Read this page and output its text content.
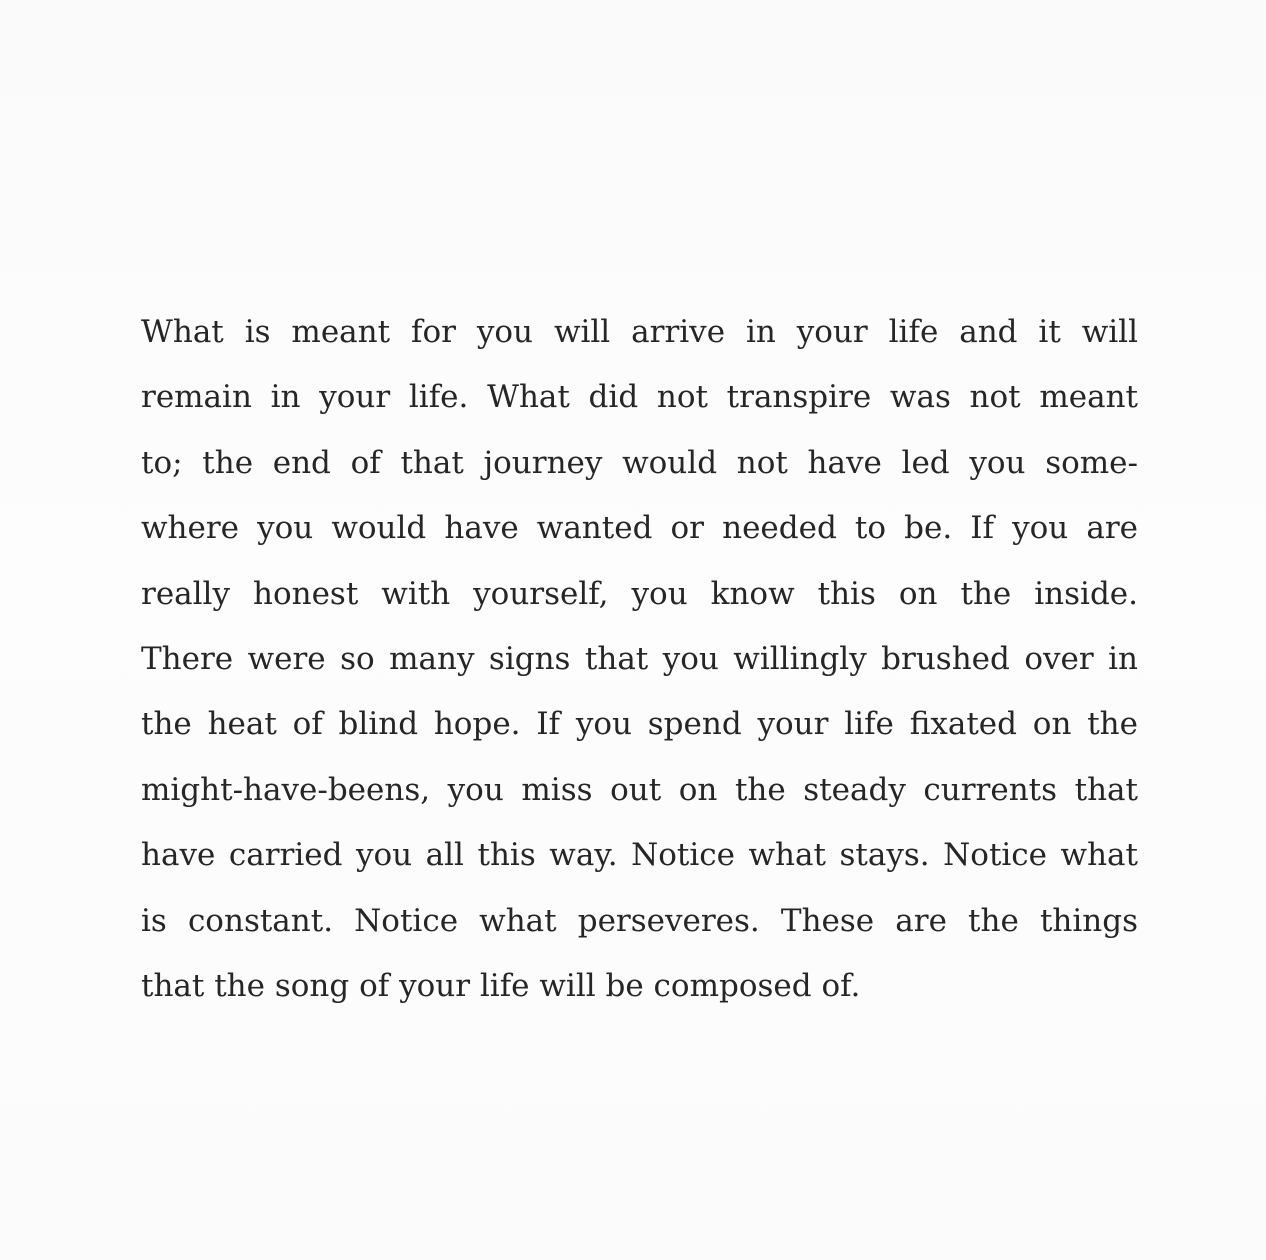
What is meant for you will arrive in your life and it will
remain in your life. What did not transpire was not meant
to; the end of that journey would not have led you some-
where you would have wanted or needed to be. If you are
really honest with yourself, you know this on the inside.
There were so many signs that you willingly brushed over in
the heat of blind hope. If you spend your life fixated on the
might-have-beens, you miss out on the steady currents that
have carried you all this way. Notice what stays. Notice what
is constant. Notice what perseveres. These are the things
that the song of your life will be composed of.
